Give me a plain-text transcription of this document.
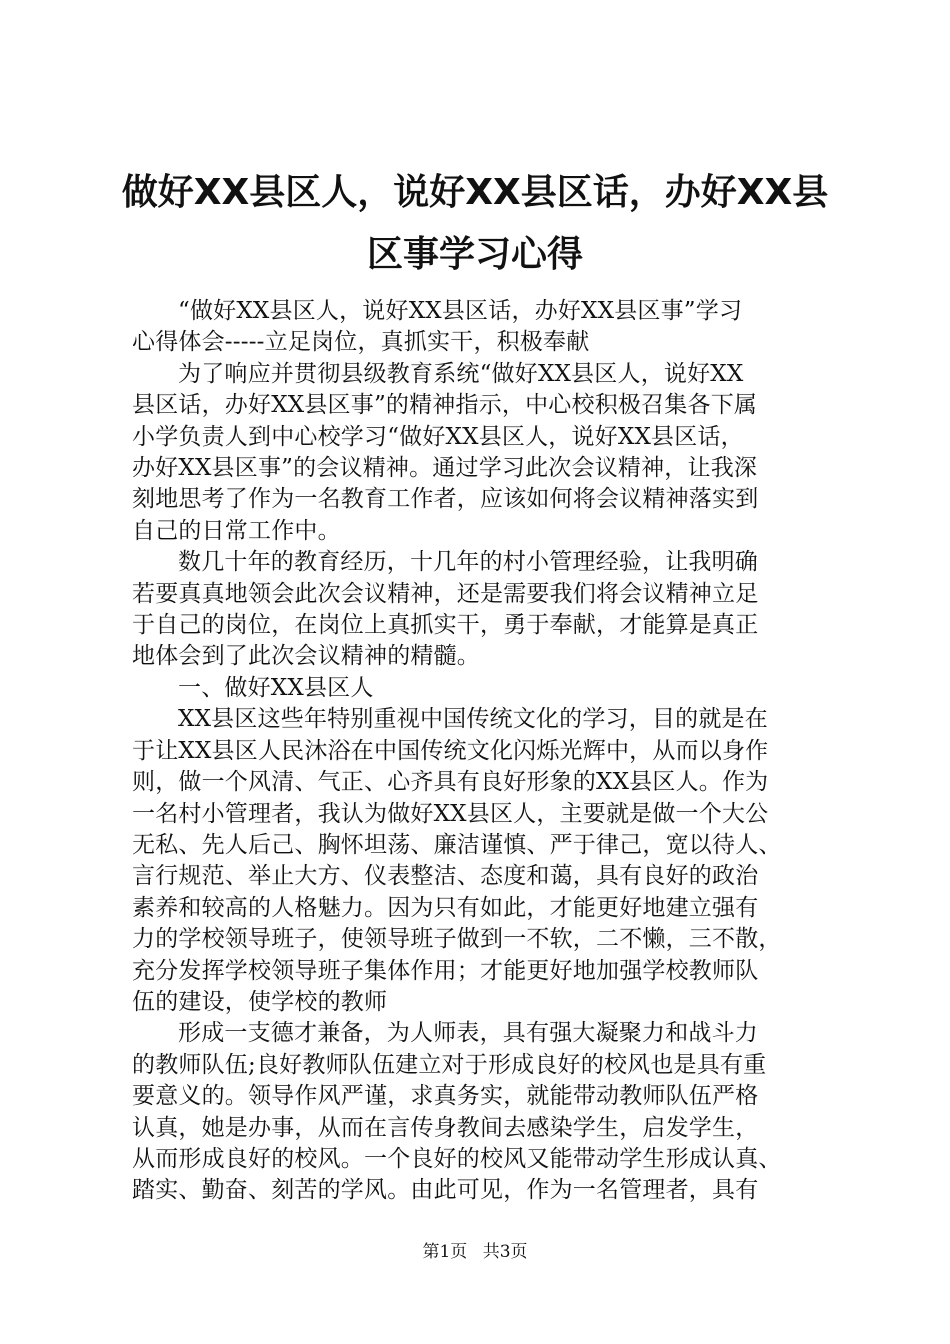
做好XX县区人，说好XX县区话，办好XX县
区事学习心得

“做好XX县区人，说好XX县区话，办好XX县区事”学习
心得体会-----立足岗位，真抓实干，积极奉献

为了响应并贯彻县级教育系统“做好XX县区人，说好XX
县区话，办好XX县区事”的精神指示，中心校积极召集各下属
小学负责人到中心校学习“做好XX县区人，说好XX县区话，
办好XX县区事”的会议精神。通过学习此次会议精神，让我深
刻地思考了作为一名教育工作者，应该如何将会议精神落实到
自己的日常工作中。

数几十年的教育经历，十几年的村小管理经验，让我明确
若要真真地领会此次会议精神，还是需要我们将会议精神立足
于自己的岗位，在岗位上真抓实干，勇于奉献，才能算是真正
地体会到了此次会议精神的精髓。

一、做好XX县区人

XX县区这些年特别重视中国传统文化的学习，目的就是在
于让XX县区人民沐浴在中国传统文化闪烁光辉中，从而以身作
则，做一个风清、气正、心齐具有良好形象的XX县区人。作为
一名村小管理者，我认为做好XX县区人，主要就是做一个大公
无私、先人后己、胸怀坦荡、廉洁谨慎、严于律己，宽以待人、
言行规范、举止大方、仪表整洁、态度和蔼，具有良好的政治
素养和较高的人格魅力。因为只有如此，才能更好地建立强有
力的学校领导班子，使领导班子做到一不软，二不懒，三不散，
充分发挥学校领导班子集体作用；才能更好地加强学校教师队
伍的建设，使学校的教师

形成一支德才兼备，为人师表，具有强大凝聚力和战斗力
的教师队伍;良好教师队伍建立对于形成良好的校风也是具有重
要意义的。领导作风严谨，求真务实，就能带动教师队伍严格
认真，她是办事，从而在言传身教间去感染学生，启发学生，
从而形成良好的校风。一个良好的校风又能带动学生形成认真、
踏实、勤奋、刻苦的学风。由此可见，作为一名管理者，具有

第1页 共3页
